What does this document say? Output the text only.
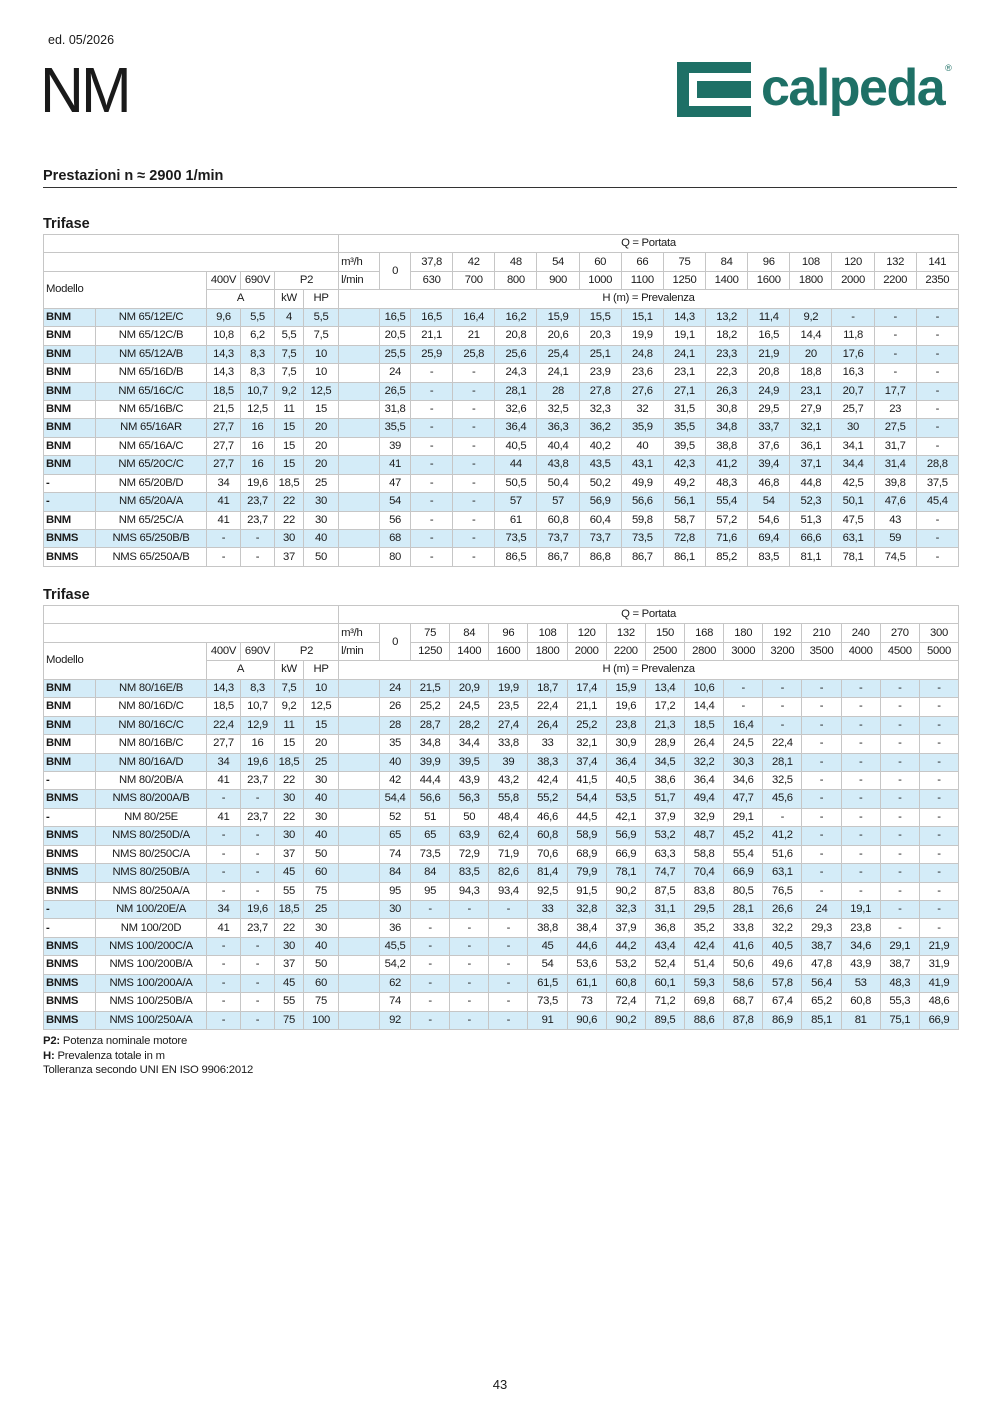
ed. 05/2026
NM	calpeda ®
Prestazioni n ≈ 2900 1/min
Trifase
						Q = Portata														
						m³/h	0	37,8	42	48	54	60	66	75	84	96	108	120	132	141
Modello		400V	690V	P2		l/min		630	700	800	900	1000	1100	1250	1400	1600	1800	2000	2200	2350
		A		kW	HP	H (m) = Prevalenza														
BNM	NM 65/12E/C	9,6	5,5	4	5,5		16,5	16,5	16,4	16,2	15,9	15,5	15,1	14,3	13,2	11,4	9,2	-	-	-
BNM	NM 65/12C/B	10,8	6,2	5,5	7,5		20,5	21,1	21	20,8	20,6	20,3	19,9	19,1	18,2	16,5	14,4	11,8	-	-
BNM	NM 65/12A/B	14,3	8,3	7,5	10		25,5	25,9	25,8	25,6	25,4	25,1	24,8	24,1	23,3	21,9	20	17,6	-	-
BNM	NM 65/16D/B	14,3	8,3	7,5	10		24	-	-	24,3	24,1	23,9	23,6	23,1	22,3	20,8	18,8	16,3	-	-
BNM	NM 65/16C/C	18,5	10,7	9,2	12,5		26,5	-	-	28,1	28	27,8	27,6	27,1	26,3	24,9	23,1	20,7	17,7	-
BNM	NM 65/16B/C	21,5	12,5	11	15		31,8	-	-	32,6	32,5	32,3	32	31,5	30,8	29,5	27,9	25,7	23	-
BNM	NM 65/16AR	27,7	16	15	20		35,5	-	-	36,4	36,3	36,2	35,9	35,5	34,8	33,7	32,1	30	27,5	-
BNM	NM 65/16A/C	27,7	16	15	20		39	-	-	40,5	40,4	40,2	40	39,5	38,8	37,6	36,1	34,1	31,7	-
BNM	NM 65/20C/C	27,7	16	15	20		41	-	-	44	43,8	43,5	43,1	42,3	41,2	39,4	37,1	34,4	31,4	28,8
-	NM 65/20B/D	34	19,6	18,5	25		47	-	-	50,5	50,4	50,2	49,9	49,2	48,3	46,8	44,8	42,5	39,8	37,5
-	NM 65/20A/A	41	23,7	22	30		54	-	-	57	57	56,9	56,6	56,1	55,4	54	52,3	50,1	47,6	45,4
BNM	NM 65/25C/A	41	23,7	22	30		56	-	-	61	60,8	60,4	59,8	58,7	57,2	54,6	51,3	47,5	43	-
BNMS	NMS 65/250B/B	-	-	30	40		68	-	-	73,5	73,7	73,7	73,5	72,8	71,6	69,4	66,6	63,1	59	-
BNMS	NMS 65/250A/B	-	-	37	50		80	-	-	86,5	86,7	86,8	86,7	86,1	85,2	83,5	81,1	78,1	74,5	-
Trifase
						Q = Portata															
						m³/h	0	75	84	96	108	120	132	150	168	180	192	210	240	270	300
Modello		400V	690V	P2		l/min		1250	1400	1600	1800	2000	2200	2500	2800	3000	3200	3500	4000	4500	5000
		A		kW	HP	H (m) = Prevalenza															
BNM	NM 80/16E/B	14,3	8,3	7,5	10		24	21,5	20,9	19,9	18,7	17,4	15,9	13,4	10,6	-	-	-	-	-	-
BNM	NM 80/16D/C	18,5	10,7	9,2	12,5		26	25,2	24,5	23,5	22,4	21,1	19,6	17,2	14,4	-	-	-	-	-	-
BNM	NM 80/16C/C	22,4	12,9	11	15		28	28,7	28,2	27,4	26,4	25,2	23,8	21,3	18,5	16,4	-	-	-	-	-
BNM	NM 80/16B/C	27,7	16	15	20		35	34,8	34,4	33,8	33	32,1	30,9	28,9	26,4	24,5	22,4	-	-	-	-
BNM	NM 80/16A/D	34	19,6	18,5	25		40	39,9	39,5	39	38,3	37,4	36,4	34,5	32,2	30,3	28,1	-	-	-	-
-	NM 80/20B/A	41	23,7	22	30		42	44,4	43,9	43,2	42,4	41,5	40,5	38,6	36,4	34,6	32,5	-	-	-	-
BNMS	NMS 80/200A/B	-	-	30	40		54,4	56,6	56,3	55,8	55,2	54,4	53,5	51,7	49,4	47,7	45,6	-	-	-	-
-	NM 80/25E	41	23,7	22	30		52	51	50	48,4	46,6	44,5	42,1	37,9	32,9	29,1	-	-	-	-	-
BNMS	NMS 80/250D/A	-	-	30	40		65	65	63,9	62,4	60,8	58,9	56,9	53,2	48,7	45,2	41,2	-	-	-	-
BNMS	NMS 80/250C/A	-	-	37	50		74	73,5	72,9	71,9	70,6	68,9	66,9	63,3	58,8	55,4	51,6	-	-	-	-
BNMS	NMS 80/250B/A	-	-	45	60		84	84	83,5	82,6	81,4	79,9	78,1	74,7	70,4	66,9	63,1	-	-	-	-
BNMS	NMS 80/250A/A	-	-	55	75		95	95	94,3	93,4	92,5	91,5	90,2	87,5	83,8	80,5	76,5	-	-	-	-
-	NM 100/20E/A	34	19,6	18,5	25		30	-	-	-	33	32,8	32,3	31,1	29,5	28,1	26,6	24	19,1	-	-
-	NM 100/20D	41	23,7	22	30		36	-	-	-	38,8	38,4	37,9	36,8	35,2	33,8	32,2	29,3	23,8	-	-
BNMS	NMS 100/200C/A	-	-	30	40		45,5	-	-	-	45	44,6	44,2	43,4	42,4	41,6	40,5	38,7	34,6	29,1	21,9
BNMS	NMS 100/200B/A	-	-	37	50		54,2	-	-	-	54	53,6	53,2	52,4	51,4	50,6	49,6	47,8	43,9	38,7	31,9
BNMS	NMS 100/200A/A	-	-	45	60		62	-	-	-	61,5	61,1	60,8	60,1	59,3	58,6	57,8	56,4	53	48,3	41,9
BNMS	NMS 100/250B/A	-	-	55	75		74	-	-	-	73,5	73	72,4	71,2	69,8	68,7	67,4	65,2	60,8	55,3	48,6
BNMS	NMS 100/250A/A	-	-	75	100		92	-	-	-	91	90,6	90,2	89,5	88,6	87,8	86,9	85,1	81	75,1	66,9
P2: Potenza nominale motore
H: Prevalenza totale in m
Tolleranza secondo UNI EN ISO 9906:2012
43
